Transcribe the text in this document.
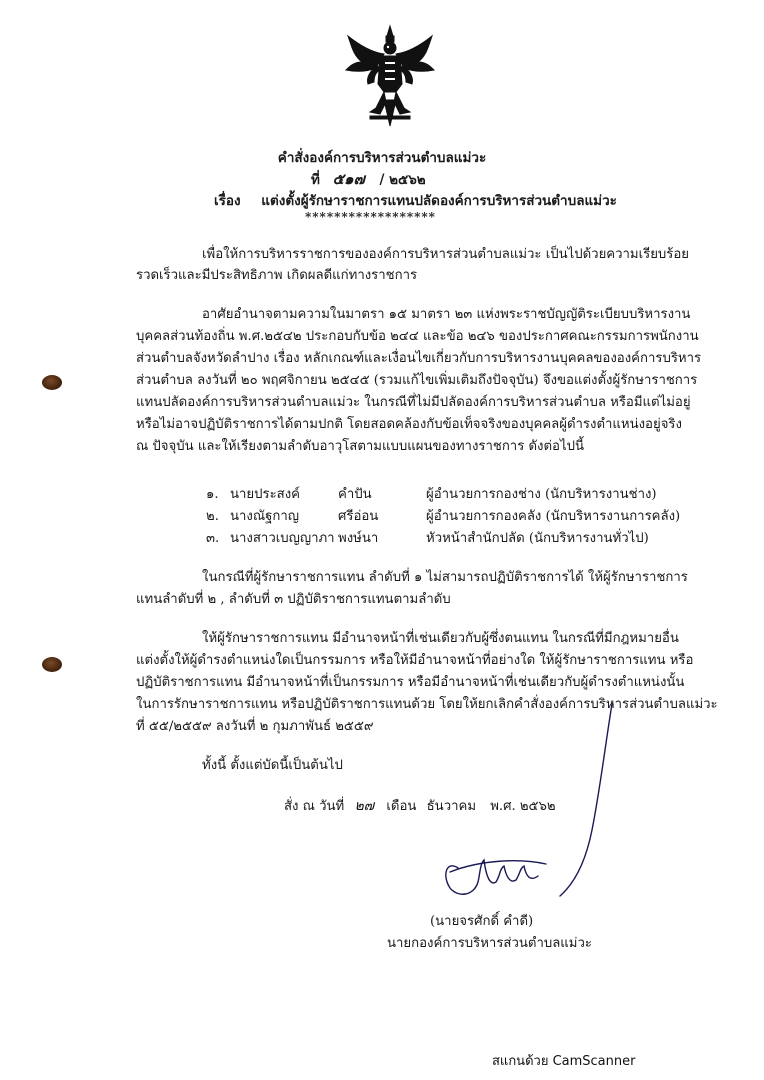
คำสั่งองค์การบริหารส่วนตำบลแม่วะ
ที่ ๕๑๗ / ๒๕๖๒
เรื่อง แต่งตั้งผู้รักษาราชการแทนปลัดองค์การบริหารส่วนตำบลแม่วะ
******************
เพื่อให้การบริหารราชการขององค์การบริหารส่วนตำบลแม่วะ เป็นไปด้วยความเรียบร้อย
รวดเร็วและมีประสิทธิภาพ เกิดผลดีแก่ทางราชการ
อาศัยอำนาจตามความในมาตรา ๑๕ มาตรา ๒๓ แห่งพระราชบัญญัติระเบียบบริหารงาน
บุคคลส่วนท้องถิ่น พ.ศ.๒๕๔๒ ประกอบกับข้อ ๒๔๔ และข้อ ๒๔๖ ของประกาศคณะกรรมการพนักงาน
ส่วนตำบลจังหวัดลำปาง เรื่อง หลักเกณฑ์และเงื่อนไขเกี่ยวกับการบริหารงานบุคคลขององค์การบริหาร
ส่วนตำบล ลงวันที่ ๒๐ พฤศจิกายน ๒๕๔๕ (รวมแก้ไขเพิ่มเติมถึงปัจจุบัน) จึงขอแต่งตั้งผู้รักษาราชการ
แทนปลัดองค์การบริหารส่วนตำบลแม่วะ ในกรณีที่ไม่มีปลัดองค์การบริหารส่วนตำบล หรือมีแต่ไม่อยู่
หรือไม่อาจปฏิบัติราชการได้ตามปกติ โดยสอดคล้องกับข้อเท็จจริงของบุคคลผู้ดำรงตำแหน่งอยู่จริง
ณ ปัจจุบัน และให้เรียงตามลำดับอาวุโสตามแบบแผนของทางราชการ ดังต่อไปนี้
๑. นายประสงค์	คำปัน	ผู้อำนวยการกองช่าง (นักบริหารงานช่าง)
๒. นางณัฐกาญ	ศรีอ่อน	ผู้อำนวยการกองคลัง (นักบริหารงานการคลัง)
๓. นางสาวเบญญาภา พงษ์นา	หัวหน้าสำนักปลัด (นักบริหารงานทั่วไป)
ในกรณีที่ผู้รักษาราชการแทน ลำดับที่ ๑ ไม่สามารถปฏิบัติราชการได้ ให้ผู้รักษาราชการ
แทนลำดับที่ ๒ , ลำดับที่ ๓ ปฏิบัติราชการแทนตามลำดับ
ให้ผู้รักษาราชการแทน มีอำนาจหน้าที่เช่นเดียวกับผู้ซึ่งตนแทน ในกรณีที่มีกฎหมายอื่น
แต่งตั้งให้ผู้ดำรงตำแหน่งใดเป็นกรรมการ หรือให้มีอำนาจหน้าที่อย่างใด ให้ผู้รักษาราชการแทน หรือ
ปฏิบัติราชการแทน มีอำนาจหน้าที่เป็นกรรมการ หรือมีอำนาจหน้าที่เช่นเดียวกับผู้ดำรงตำแหน่งนั้น
ในการรักษาราชการแทน หรือปฏิบัติราชการแทนด้วย โดยให้ยกเลิกคำสั่งองค์การบริหารส่วนตำบลแม่วะ
ที่ ๕๕/๒๕๕๙ ลงวันที่ ๒ กุมภาพันธ์ ๒๕๕๙
ทั้งนี้ ตั้งแต่บัดนี้เป็นต้นไป
สั่ง ณ วันที่ ๒๗ เดือน ธันวาคม พ.ศ. ๒๕๖๒
(นายจรศักดิ์ คำดี)
นายกองค์การบริหารส่วนตำบลแม่วะ
สแกนด้วย CamScanner
